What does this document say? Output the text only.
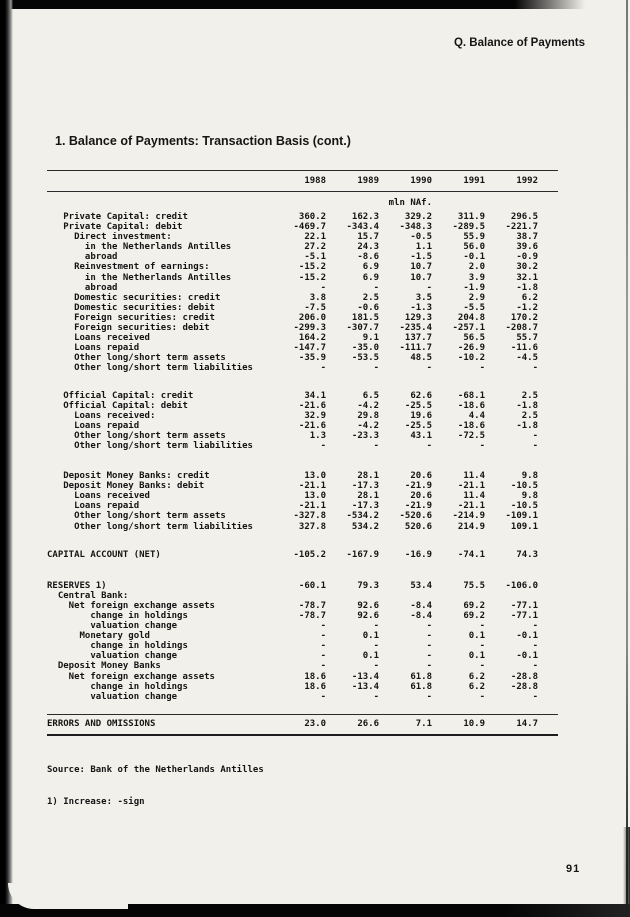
Q. Balance of Payments
1. Balance of Payments: Transaction Basis (cont.)
1988	1989	1990	1991	1992
mln NAf.
Private Capital: credit	360.2	162.3	329.2	311.9	296.5
Private Capital: debit	-469.7	-343.4	-348.3	-289.5	-221.7
Direct investment:	22.1	15.7	-0.5	55.9	38.7
in the Netherlands Antilles	27.2	24.3	1.1	56.0	39.6
abroad	-5.1	-8.6	-1.5	-0.1	-0.9
Reinvestment of earnings:	-15.2	6.9	10.7	2.0	30.2
in the Netherlands Antilles	-15.2	6.9	10.7	3.9	32.1
abroad	-	-	-	-1.9	-1.8
Domestic securities: credit	3.8	2.5	3.5	2.9	6.2
Domestic securities: debit	-7.5	-0.6	-1.3	-5.5	-1.2
Foreign securities: credit	206.0	181.5	129.3	204.8	170.2
Foreign securities: debit	-299.3	-307.7	-235.4	-257.1	-208.7
Loans received	164.2	9.1	137.7	56.5	55.7
Loans repaid	-147.7	-35.0	-111.7	-26.9	-11.6
Other long/short term assets	-35.9	-53.5	48.5	-10.2	-4.5
Other long/short term liabilities	-	-	-	-	-
Official Capital: credit	34.1	6.5	62.6	-68.1	2.5
Official Capital: debit	-21.6	-4.2	-25.5	-18.6	-1.8
Loans received:	32.9	29.8	19.6	4.4	2.5
Loans repaid	-21.6	-4.2	-25.5	-18.6	-1.8
Other long/short term assets	1.3	-23.3	43.1	-72.5	-
Other long/short term liabilities	-	-	-	-	-
Deposit Money Banks: credit	13.0	28.1	20.6	11.4	9.8
Deposit Money Banks: debit	-21.1	-17.3	-21.9	-21.1	-10.5
Loans received	13.0	28.1	20.6	11.4	9.8
Loans repaid	-21.1	-17.3	-21.9	-21.1	-10.5
Other long/short term assets	-327.8	-534.2	-520.6	-214.9	-109.1
Other long/short term liabilities	327.8	534.2	520.6	214.9	109.1
CAPITAL ACCOUNT (NET)	-105.2	-167.9	-16.9	-74.1	74.3
RESERVES 1)	-60.1	79.3	53.4	75.5	-106.0
Central Bank:
Net foreign exchange assets	-78.7	92.6	-8.4	69.2	-77.1
change in holdings	-78.7	92.6	-8.4	69.2	-77.1
valuation change	-	-	-	-	-
Monetary gold	-	0.1	-	0.1	-0.1
change in holdings	-	-	-	-	-
valuation change	-	0.1	-	0.1	-0.1
Deposit Money Banks	-	-	-	-	-
Net foreign exchange assets	18.6	-13.4	61.8	6.2	-28.8
change in holdings	18.6	-13.4	61.8	6.2	-28.8
valuation change	-	-	-	-	-
ERRORS AND OMISSIONS	23.0	26.6	7.1	10.9	14.7

Source: Bank of the Netherlands Antilles

1) Increase: -sign

91
